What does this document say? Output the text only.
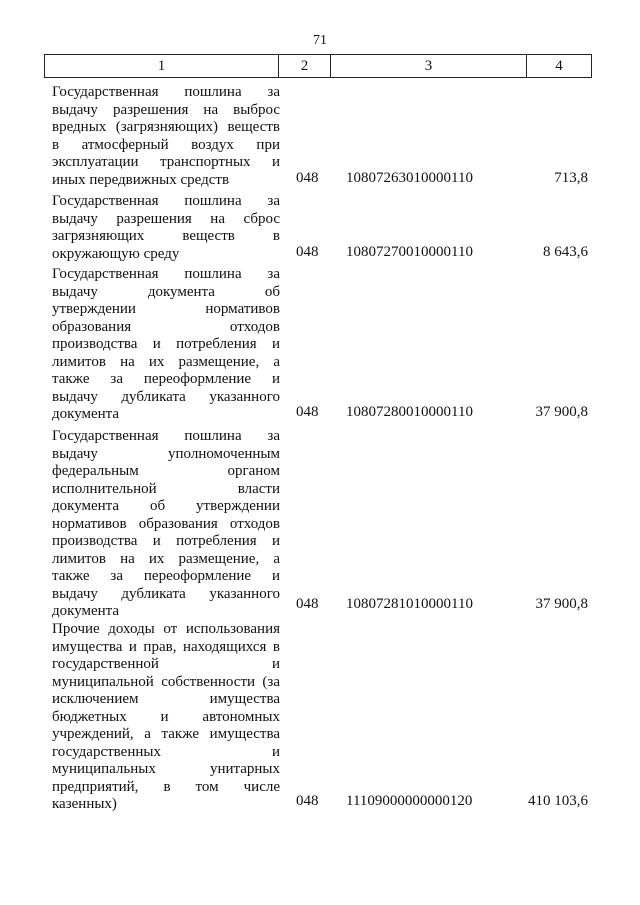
71
1	2	3	4
Государственная пошлина за
выдачу разрешения на выброс
вредных (загрязняющих) веществ
в атмосферный воздух при
эксплуатации транспортных и
иных передвижных средств	048	10807263010000110	713,8
Государственная пошлина за
выдачу разрешения на сброс
загрязняющих веществ в
окружающую среду	048	10807270010000110	8 643,6
Государственная пошлина за
выдачу документа об
утверждении нормативов
образования отходов
производства и потребления и
лимитов на их размещение, а
также за переоформление и
выдачу дубликата указанного
документа	048	10807280010000110	37 900,8
Государственная пошлина за
выдачу уполномоченным
федеральным органом
исполнительной власти
документа об утверждении
нормативов образования отходов
производства и потребления и
лимитов на их размещение, а
также за переоформление и
выдачу дубликата указанного
документа	048	10807281010000110	37 900,8
Прочие доходы от использования
имущества и прав, находящихся в
государственной и
муниципальной собственности (за
исключением имущества
бюджетных и автономных
учреждений, а также имущества
государственных и
муниципальных унитарных
предприятий, в том числе
казенных)	048	11109000000000120	410 103,6
